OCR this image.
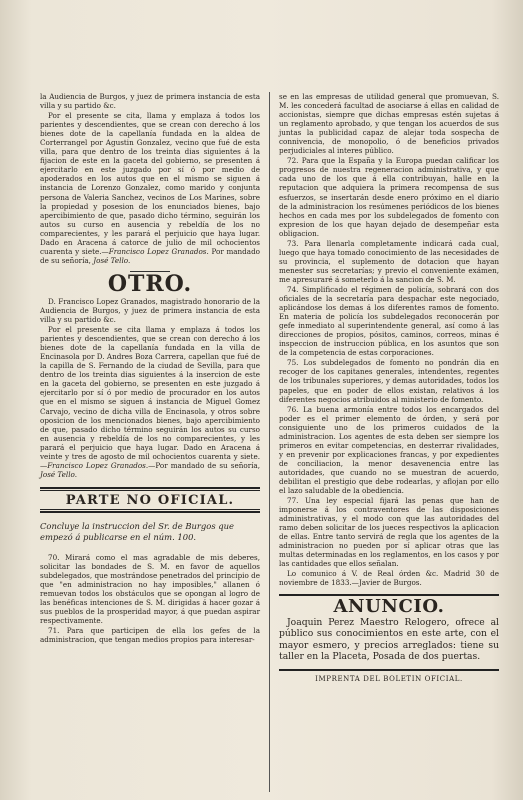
la Audiencia de Burgos, y juez de primera instancia de esta villa y su partido &c.

Por el presente se cita, llama y emplaza á todos los parientes y descendientes, que se crean con derecho á los bienes dote de la capellanía fundada en la aldea de Corterrangel por Agustin Gonzalez, vecino que fué de esta villa, para que dentro de los treinta dias siguientes á la fijacion de este en la gaceta del gobierno, se presenten á ejercitarlo en este juzgado por sí ó por medio de apoderados en los autos que en el mismo se siguen á instancia de Lorenzo Gonzalez, como marido y conjunta persona de Valeria Sanchez, vecinos de Los Marines, sobre la propiedad y posesion de los enunciados bienes, bajo apercibimiento de que, pasado dicho término, seguirán los autos su curso en ausencia y rebeldía de los no comparecientes, y les parará el perjuicio que haya lugar. Dado en Aracena á catorce de julio de mil ochocientos cuarenta y siete.—Francisco Lopez Granados. Por mandado de su señoría, José Tello.

OTRO.

D. Francisco Lopez Granados, magistrado honorario de la Audiencia de Burgos, y juez de primera instancia de esta villa y su partido &c.

Por el presente se cita llama y emplaza á todos los parientes y descendientes, que se crean con derecho á los bienes dote de la capellanía fundada en la villa de Encinasola por D. Andres Boza Carrera, capellan que fué de la capilla de S. Fernando de la ciudad de Sevilla, para que dentro de los treinta dias siguientes á la insercion de este en la gaceta del gobierno, se presenten en este juzgado á ejercitarlo por sí ó por medio de procurador en los autos que en el mismo se siguen á instancia de Miguel Gomez Carvajo, vecino de dicha villa de Encinasola, y otros sobre oposicion de los mencionados bienes, bajo apercibimiento de que, pasado dicho término seguirán los autos su curso en ausencia y rebeldía de los no comparecientes, y les parará el perjuicio que haya lugar. Dado en Aracena á veinte y tres de agosto de mil ochocientos cuarenta y siete.—Francisco Lopez Granados.—Por mandado de su señoría, José Tello.

PARTE NO OFICIAL.
Concluye la instruccion del Sr. de Burgos que empezó á publicarse en el núm. 100.

70. Mirará como el mas agradable de mis deberes, solicitar las bondades de S. M. en favor de aquellos subdelegados, que mostrándose penetrados del principio de que "en administracion no hay imposibles," allanen ó remuevan todos los obstáculos que se opongan al logro de las benéficas intenciones de S. M. dirigidas á hacer gozar á sus pueblos de la prosperidad mayor, á que puedan aspirar respectivamente.

71. Para que participen de ella los gefes de la administracion, que tengan medios propios para interesar-

se en las empresas de utilidad general que promuevan, S. M. les concederá facultad de asociarse á ellas en calidad de accionistas, siempre que dichas empresas estén sujetas á un reglamento aprobado, y que tengan los acuerdos de sus juntas la publicidad capaz de alejar toda sospecha de connivencia, de monopolio, ó de beneficios privados perjudiciales al interes público.

72. Para que la España y la Europa puedan calificar los progresos de nuestra regeneracion administrativa, y que cada uno de los que á ella contribuyan, halle en la reputacion que adquiera la primera recompensa de sus esfuerzos, se insertarán desde enero próximo en el diario de la administracion los resúmenes periódicos de los bienes hechos en cada mes por los subdelegados de fomento con expresion de los que hayan dejado de desempeñar esta obligacion.

73. Para llenarla completamente indicará cada cual, luego que haya tomado conocimiento de las necesidades de su provincia, el suplemento de dotacion que hayan menester sus secretarías; y previo el conveniente exámen, me apresuraré á someterlo á la sancion de S. M.

74. Simplificado el régimen de policía, sobrará con dos oficiales de la secretaría para despachar este negociado, aplicándose los demas á los diferentes ramos de fomento. En materia de policía los subdelegados reconocerán por gefe inmediato al superintendente general, así como á las direcciones de propios, pósitos, caminos, correos, minas é inspeccion de instruccion pública, en los asuntos que son de la competencia de estas corporaciones.

75. Los subdelegados de fomento no pondrán dia en recoger de los capitanes generales, intendentes, regentes de los tribunales superiores, y demas autoridades, todos los papeles, que en poder de ellos existan, relativos á los diferentes negocios atribuidos al ministerio de fomento.

76. La buena armonía entre todos los encargados del poder es el primer elemento de órden, y será por consiguiente uno de los primeros cuidados de la administracion. Los agentes de esta deben ser siempre los primeros en evitar competencias, en desterrar rivalidades, y en prevenir por explicaciones francas, y por expedientes de conciliacion, la menor desavenencia entre las autoridades, que cuando no se muestran de acuerdo, debilitan el prestigio que debe rodearlas, y aflojan por ello el lazo saludable de la obediencia.

77. Una ley especial fijará las penas que han de imponerse á los contraventores de las disposiciones administrativas, y el modo con que las autoridades del ramo deben solicitar de los jueces respectivos la aplicacion de ellas. Entre tanto servirá de regla que los agentes de la administracion no pueden por sí aplicar otras que las multas determinadas en los reglamentos, en los casos y por las cantidades que ellos señalan.

Lo comunico á V. de Real órden &c. Madrid 30 de noviembre de 1833.—Javier de Burgos.

ANUNCIO.

Joaquin Perez Maestro Relogero, ofrece al público sus conocimientos en este arte, con el mayor esmero, y precios arreglados: tiene su taller en la Placeta, Posada de dos puertas.

IMPRENTA DEL BOLETIN OFICIAL.
